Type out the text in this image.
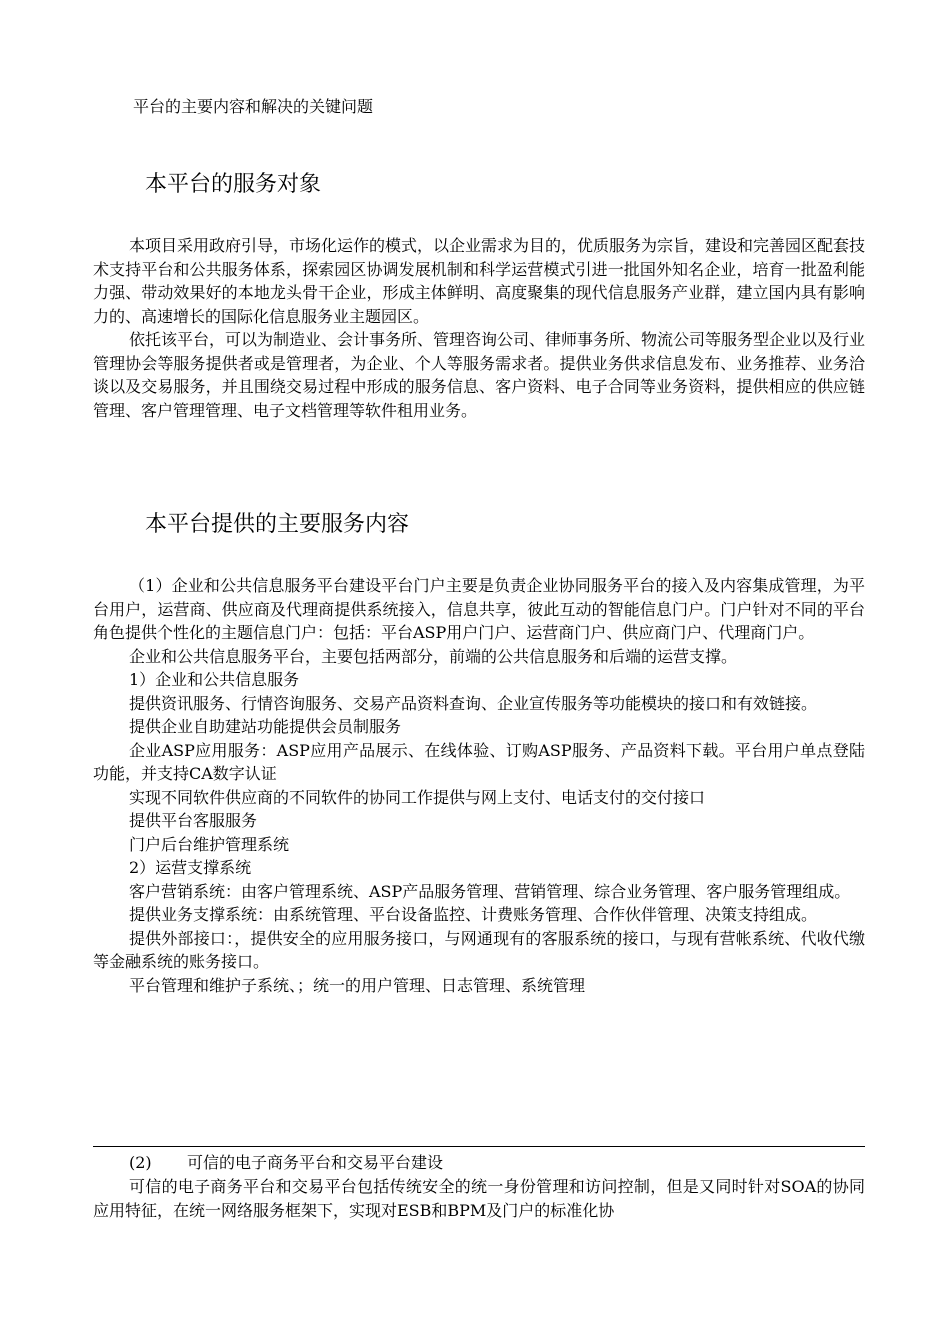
平台的主要内容和解决的关键问题
本平台的服务对象

本项目采用政府引导，市场化运作的模式，以企业需求为目的，优质服务为宗旨，建设和完善园区配套技术支持平台和公共服务体系，探索园区协调发展机制和科学运营模式引进一批国外知名企业，培育一批盈利能力强、带动效果好的本地龙头骨干企业，形成主体鲜明、高度聚集的现代信息服务产业群，建立国内具有影响力的、高速增长的国际化信息服务业主题园区。

依托该平台，可以为制造业、会计事务所、管理咨询公司、律师事务所、物流公司等服务型企业以及行业管理协会等服务提供者或是管理者，为企业、个人等服务需求者。提供业务供求信息发布、业务推荐、业务洽谈以及交易服务，并且围绕交易过程中形成的服务信息、客户资料、电子合同等业务资料，提供相应的供应链管理、客户管理管理、电子文档管理等软件租用业务。

本平台提供的主要服务内容

（1）企业和公共信息服务平台建设平台门户主要是负责企业协同服务平台的接入及内容集成管理，为平台用户，运营商、供应商及代理商提供系统接入，信息共享，彼此互动的智能信息门户。门户针对不同的平台角色提供个性化的主题信息门户：包括：平台ASP用户门户、运营商门户、供应商门户、代理商门户。

企业和公共信息服务平台，主要包括两部分，前端的公共信息服务和后端的运营支撑。

1）企业和公共信息服务

提供资讯服务、行情咨询服务、交易产品资料查询、企业宣传服务等功能模块的接口和有效链接。

提供企业自助建站功能提供会员制服务

企业ASP应用服务：ASP应用产品展示、在线体验、订购ASP服务、产品资料下载。平台用户单点登陆功能，并支持CA数字认证

实现不同软件供应商的不同软件的协同工作提供与网上支付、电话支付的交付接口

提供平台客服服务

门户后台维护管理系统

2）运营支撑系统

客户营销系统：由客户管理系统、ASP产品服务管理、营销管理、综合业务管理、客户服务管理组成。

提供业务支撑系统：由系统管理、平台设备监控、计费账务管理、合作伙伴管理、决策支持组成。

提供外部接口：，提供安全的应用服务接口，与网通现有的客服系统的接口，与现有营帐系统、代收代缴等金融系统的账务接口。

平台管理和维护子系统、；统一的用户管理、日志管理、系统管理

(2) 可信的电子商务平台和交易平台建设

可信的电子商务平台和交易平台包括传统安全的统一身份管理和访问控制，但是又同时针对SOA的协同应用特征，在统一网络服务框架下，实现对ESB和BPM及门户的标准化协
